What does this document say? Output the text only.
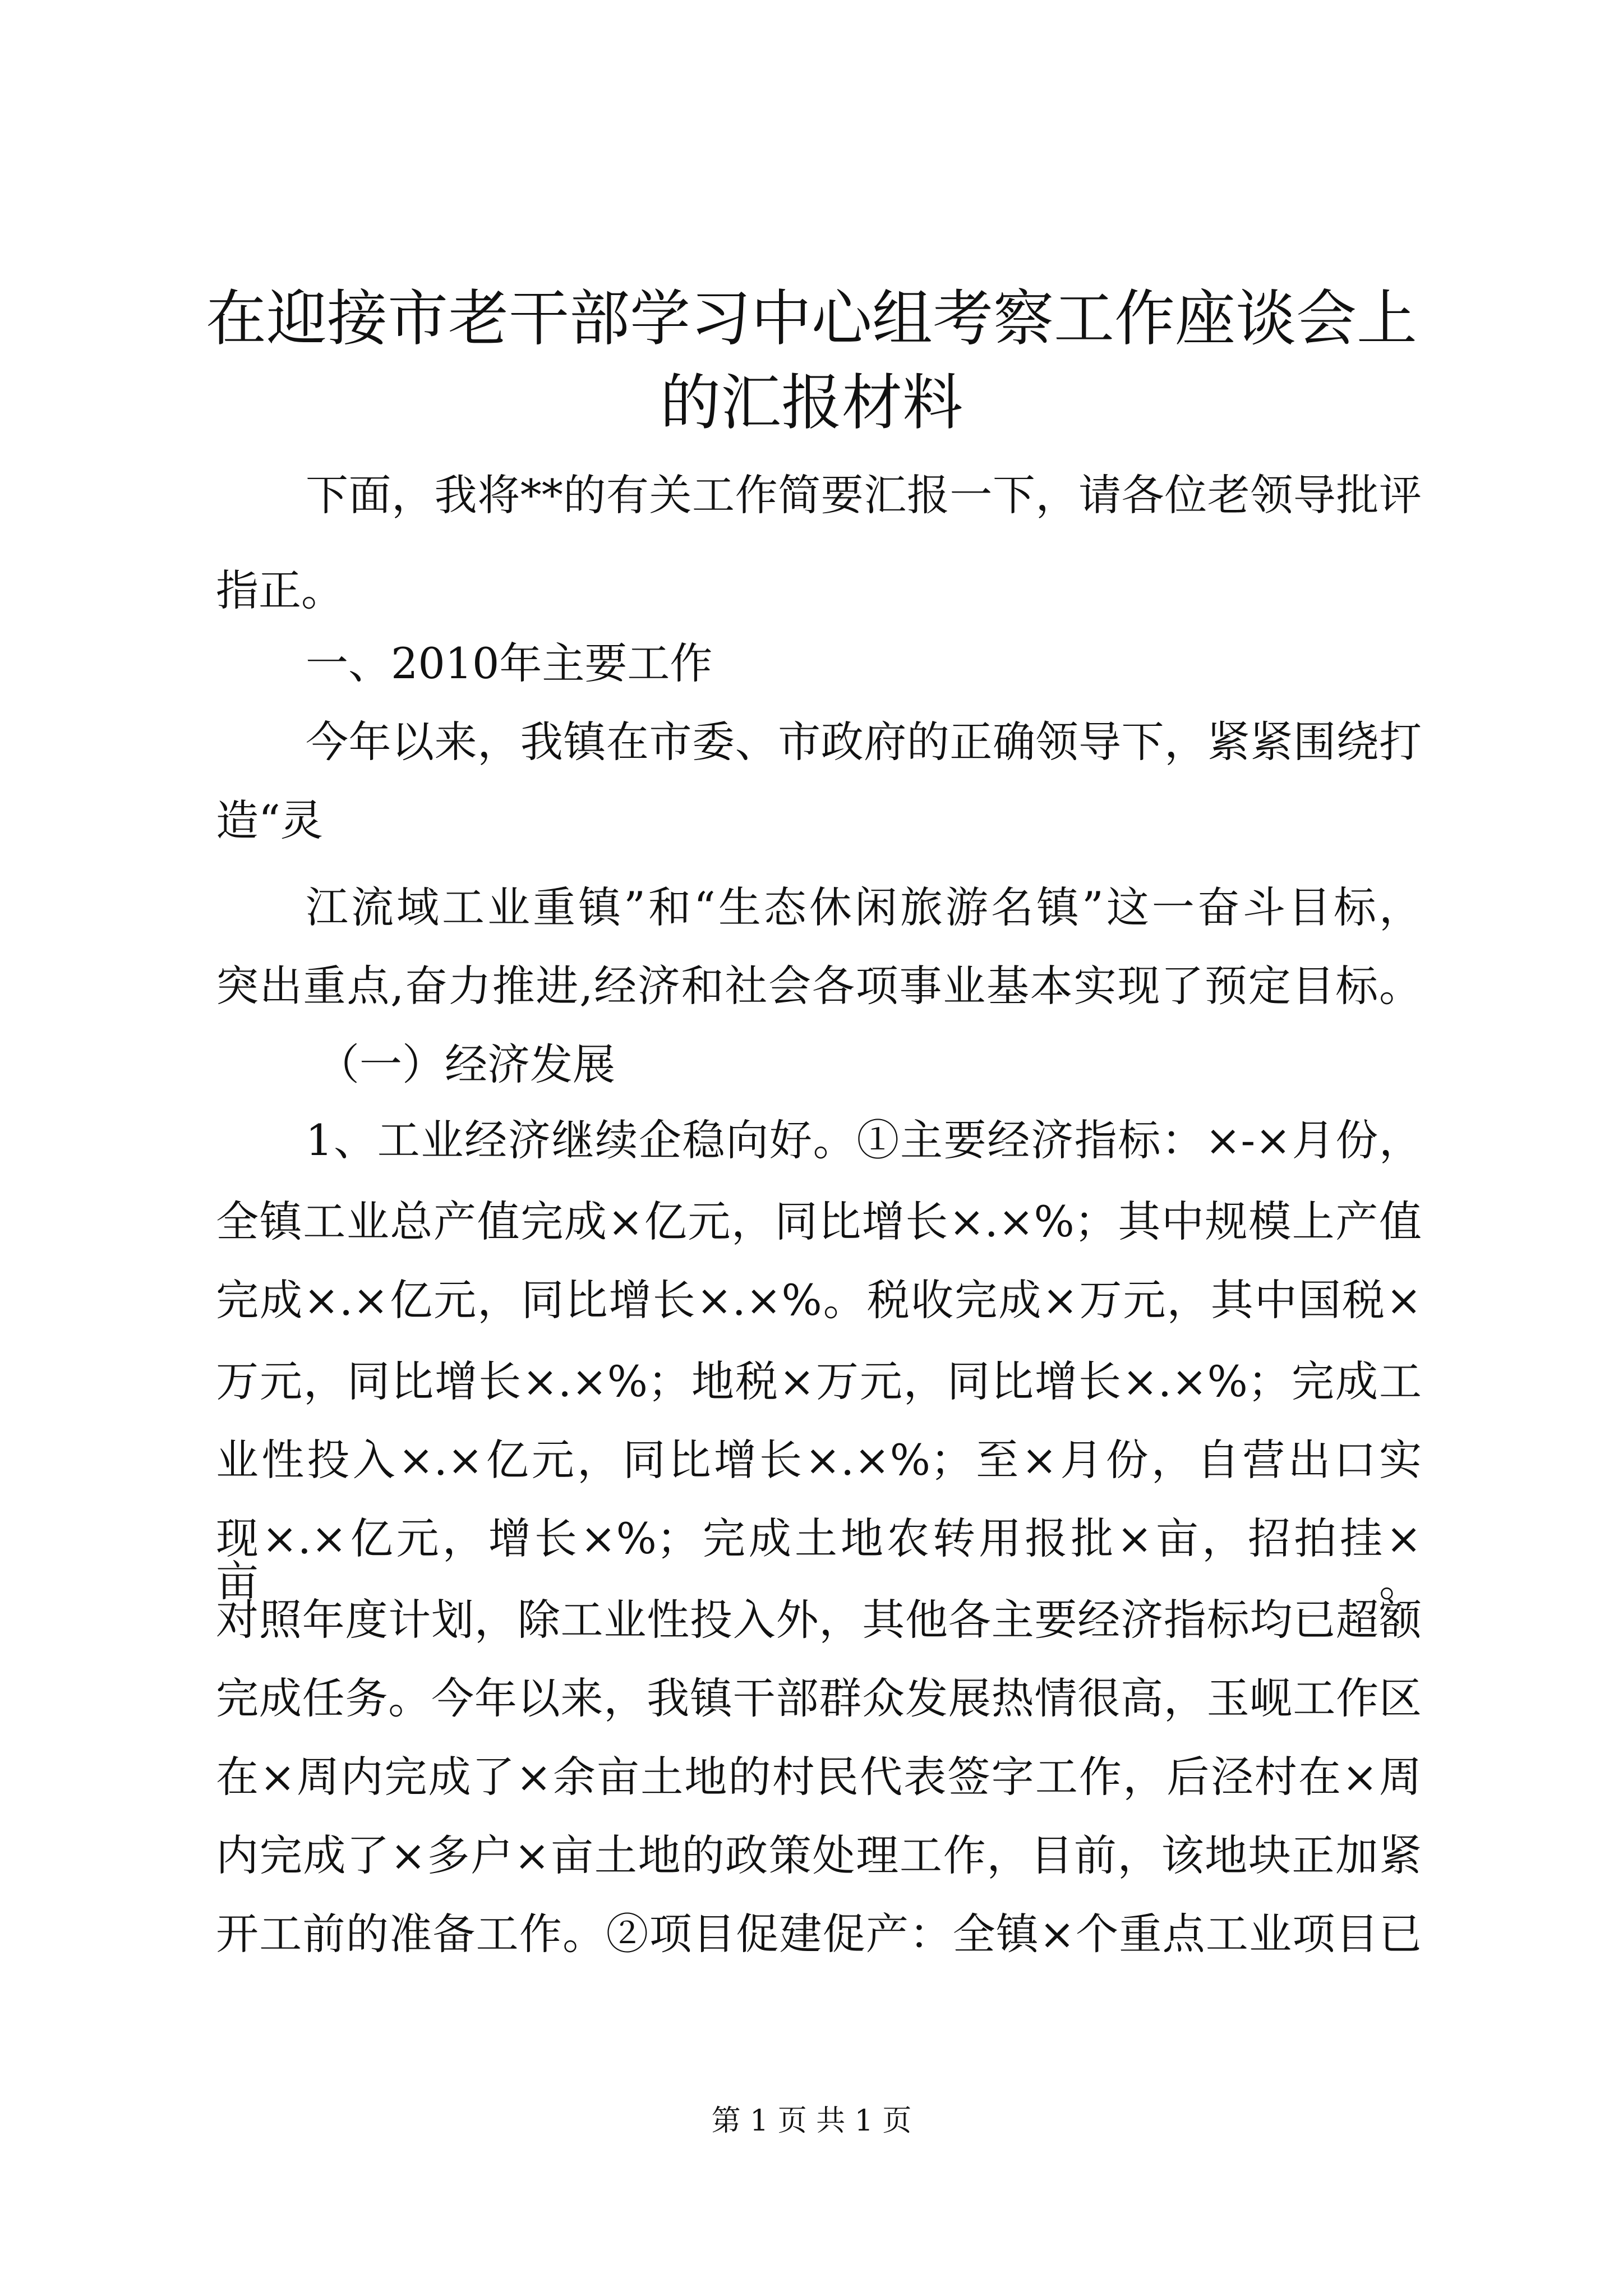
在迎接市老干部学习中心组考察工作座谈会上
的汇报材料
下面，我将**的有关工作简要汇报一下，请各位老领导批评
指正。
一、2010年主要工作
今年以来，我镇在市委、市政府的正确领导下，紧紧围绕打
造“灵
江流域工业重镇”和“生态休闲旅游名镇”这一奋斗目标，
突出重点,奋力推进,经济和社会各项事业基本实现了预定目标。
（一）经济发展
1、工业经济继续企稳向好。①主要经济指标：×-×月份，
全镇工业总产值完成×亿元，同比增长×.×%；其中规模上产值
完成×.×亿元，同比增长×.×%。税收完成×万元，其中国税×
万元，同比增长×.×%；地税×万元，同比增长×.×%；完成工
业性投入×.×亿元，同比增长×.×%；至×月份，自营出口实
现×.×亿元，增长×%；完成土地农转用报批×亩，招拍挂×亩。
对照年度计划，除工业性投入外，其他各主要经济指标均已超额
完成任务。今年以来，我镇干部群众发展热情很高，玉岘工作区
在×周内完成了×余亩土地的村民代表签字工作，后泾村在×周
内完成了×多户×亩土地的政策处理工作，目前，该地块正加紧
开工前的准备工作。②项目促建促产：全镇×个重点工业项目已
第 1 页 共 1 页
